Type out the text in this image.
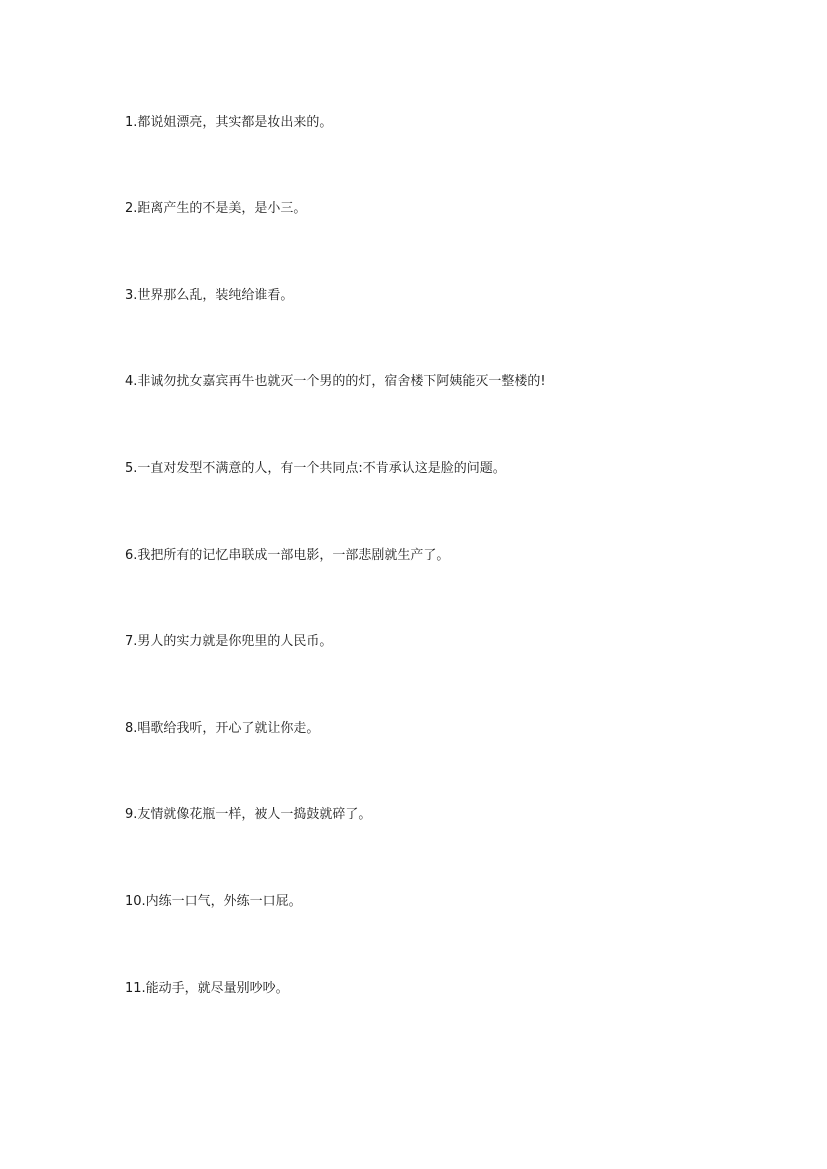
1.都说姐漂亮，其实都是妆出来的。

2.距离产生的不是美，是小三。

3.世界那么乱，装纯给谁看。

4.非诚勿扰女嘉宾再牛也就灭一个男的的灯，宿舍楼下阿姨能灭一整楼的!

5.一直对发型不满意的人，有一个共同点:不肯承认这是脸的问题。

6.我把所有的记忆串联成一部电影，一部悲剧就生产了。

7.男人的实力就是你兜里的人民币。

8.唱歌给我听，开心了就让你走。

9.友情就像花瓶一样，被人一捣鼓就碎了。

10.内练一口气，外练一口屁。

11.能动手，就尽量别吵吵。
